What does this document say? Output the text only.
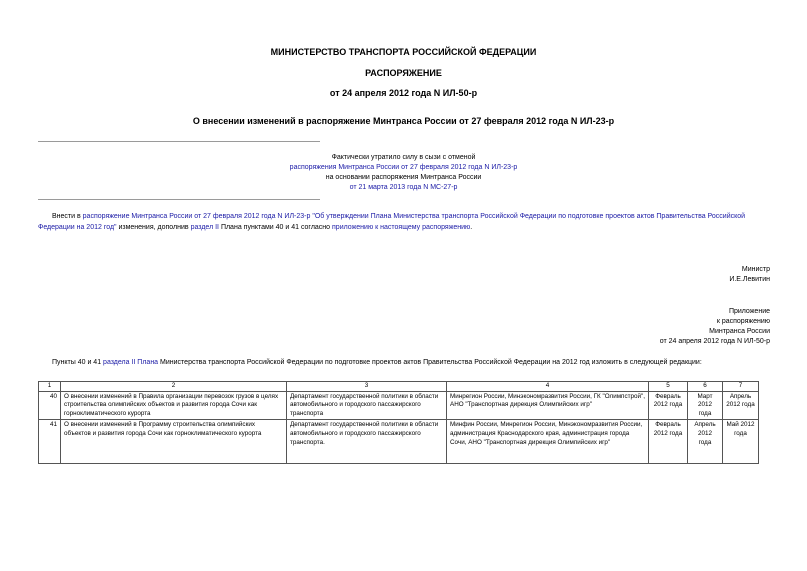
МИНИСТЕРСТВО ТРАНСПОРТА РОССИЙСКОЙ ФЕДЕРАЦИИ
РАСПОРЯЖЕНИЕ
от 24 апреля 2012 года N ИЛ-50-р
О внесении изменений в распоряжение Минтранса России от 27 февраля 2012 года N ИЛ-23-р
Фактически утратило силу в сызи с отменой
распоряжения Минтранса России от 27 февраля 2012 года N ИЛ-23-р
на основании распоряжения Минтранса России
от 21 марта 2013 года N МС-27-р
Внести в распоряжение Минтранса России от 27 февраля 2012 года N ИЛ-23-р "Об утверждении Плана Министерства транспорта Российской Федерации по подготовке проектов актов Правительства Российской Федерации на 2012 год" изменения, дополнив раздел II Плана пунктами 40 и 41 согласно приложению к настоящему распоряжению.
Министр
И.Е.Левитин
Приложение
к распоряжению
Минтранса России
от 24 апреля 2012 года N ИЛ-50-р
Пункты 40 и 41 раздела II Плана Министерства транспорта Российской Федерации по подготовке проектов актов Правительства Российской Федерации на 2012 год изложить в следующей редакции:
1	2	3	4	5	6	7
40	О внесении изменений в Правила организации перевозок грузов в целях строительства олимпийских объектов и развития города Сочи как горноклиматического курорта	Департамент государственной политики в области автомобильного и городского пассажирского транспорта	Минрегион России, Минэкономразвития России, ГК "Олимпстрой", АНО "Транспортная дирекция Олимпийских игр"	Февраль 2012 года	Март 2012 года	Апрель 2012 года
41	О внесении изменений в Программу строительства олимпийских объектов и развития города Сочи как горноклиматического курорта	Департамент государственной политики в области автомобильного и городского пассажирского транспорта.	Минфин России, Минрегион России, Минэкономразвития России, администрация Краснодарского края, администрация города Сочи, АНО "Транспортная дирекция Олимпийских игр"	Февраль 2012 года	Апрель 2012 года	Май 2012 года
